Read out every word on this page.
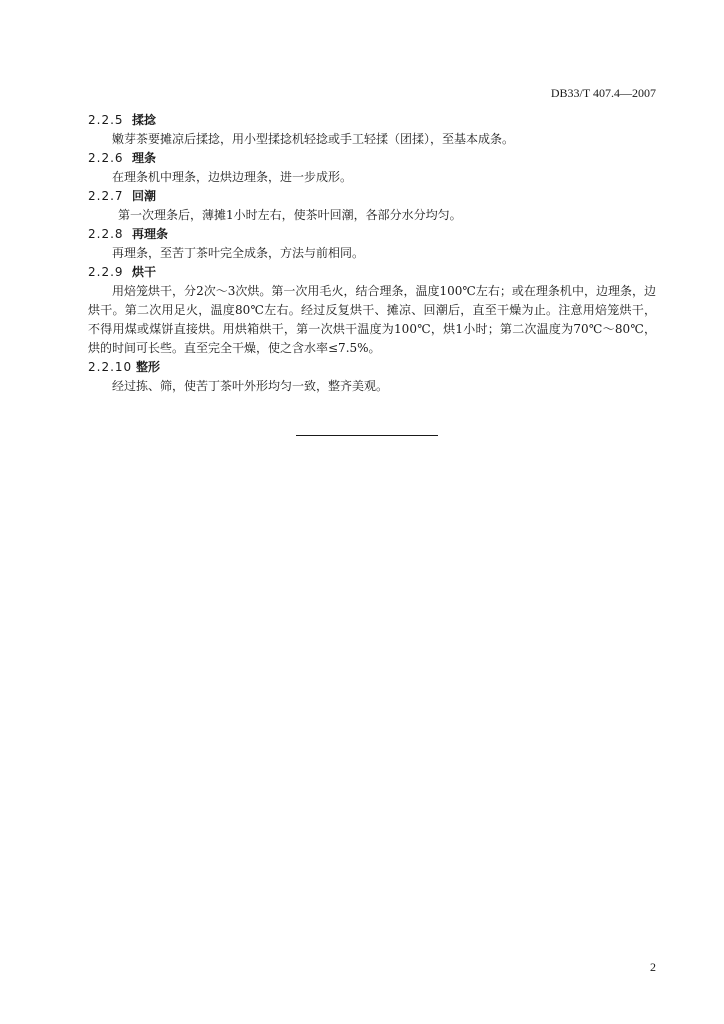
DB33/T 407.4—2007
2.2.5 揉捻

嫩芽茶要摊凉后揉捻，用小型揉捻机轻捻或手工轻揉（团揉），至基本成条。

2.2.6 理条

在理条机中理条，边烘边理条，进一步成形。

2.2.7 回潮

第一次理条后，薄摊1小时左右，使茶叶回潮，各部分水分均匀。

2.2.8 再理条

再理条，至苦丁茶叶完全成条，方法与前相同。

2.2.9 烘干

用焙笼烘干，分2次～3次烘。第一次用毛火，结合理条，温度100℃左右；或在理条机中，边理条，边烘干。第二次用足火，温度80℃左右。经过反复烘干、摊凉、回潮后，直至干燥为止。注意用焙笼烘干，不得用煤或煤饼直接烘。用烘箱烘干，第一次烘干温度为100℃，烘1小时；第二次温度为70℃～80℃，烘的时间可长些。直至完全干燥，使之含水率≤7.5%。

2.2.10 整形

经过拣、筛，使苦丁茶叶外形均匀一致，整齐美观。

2
